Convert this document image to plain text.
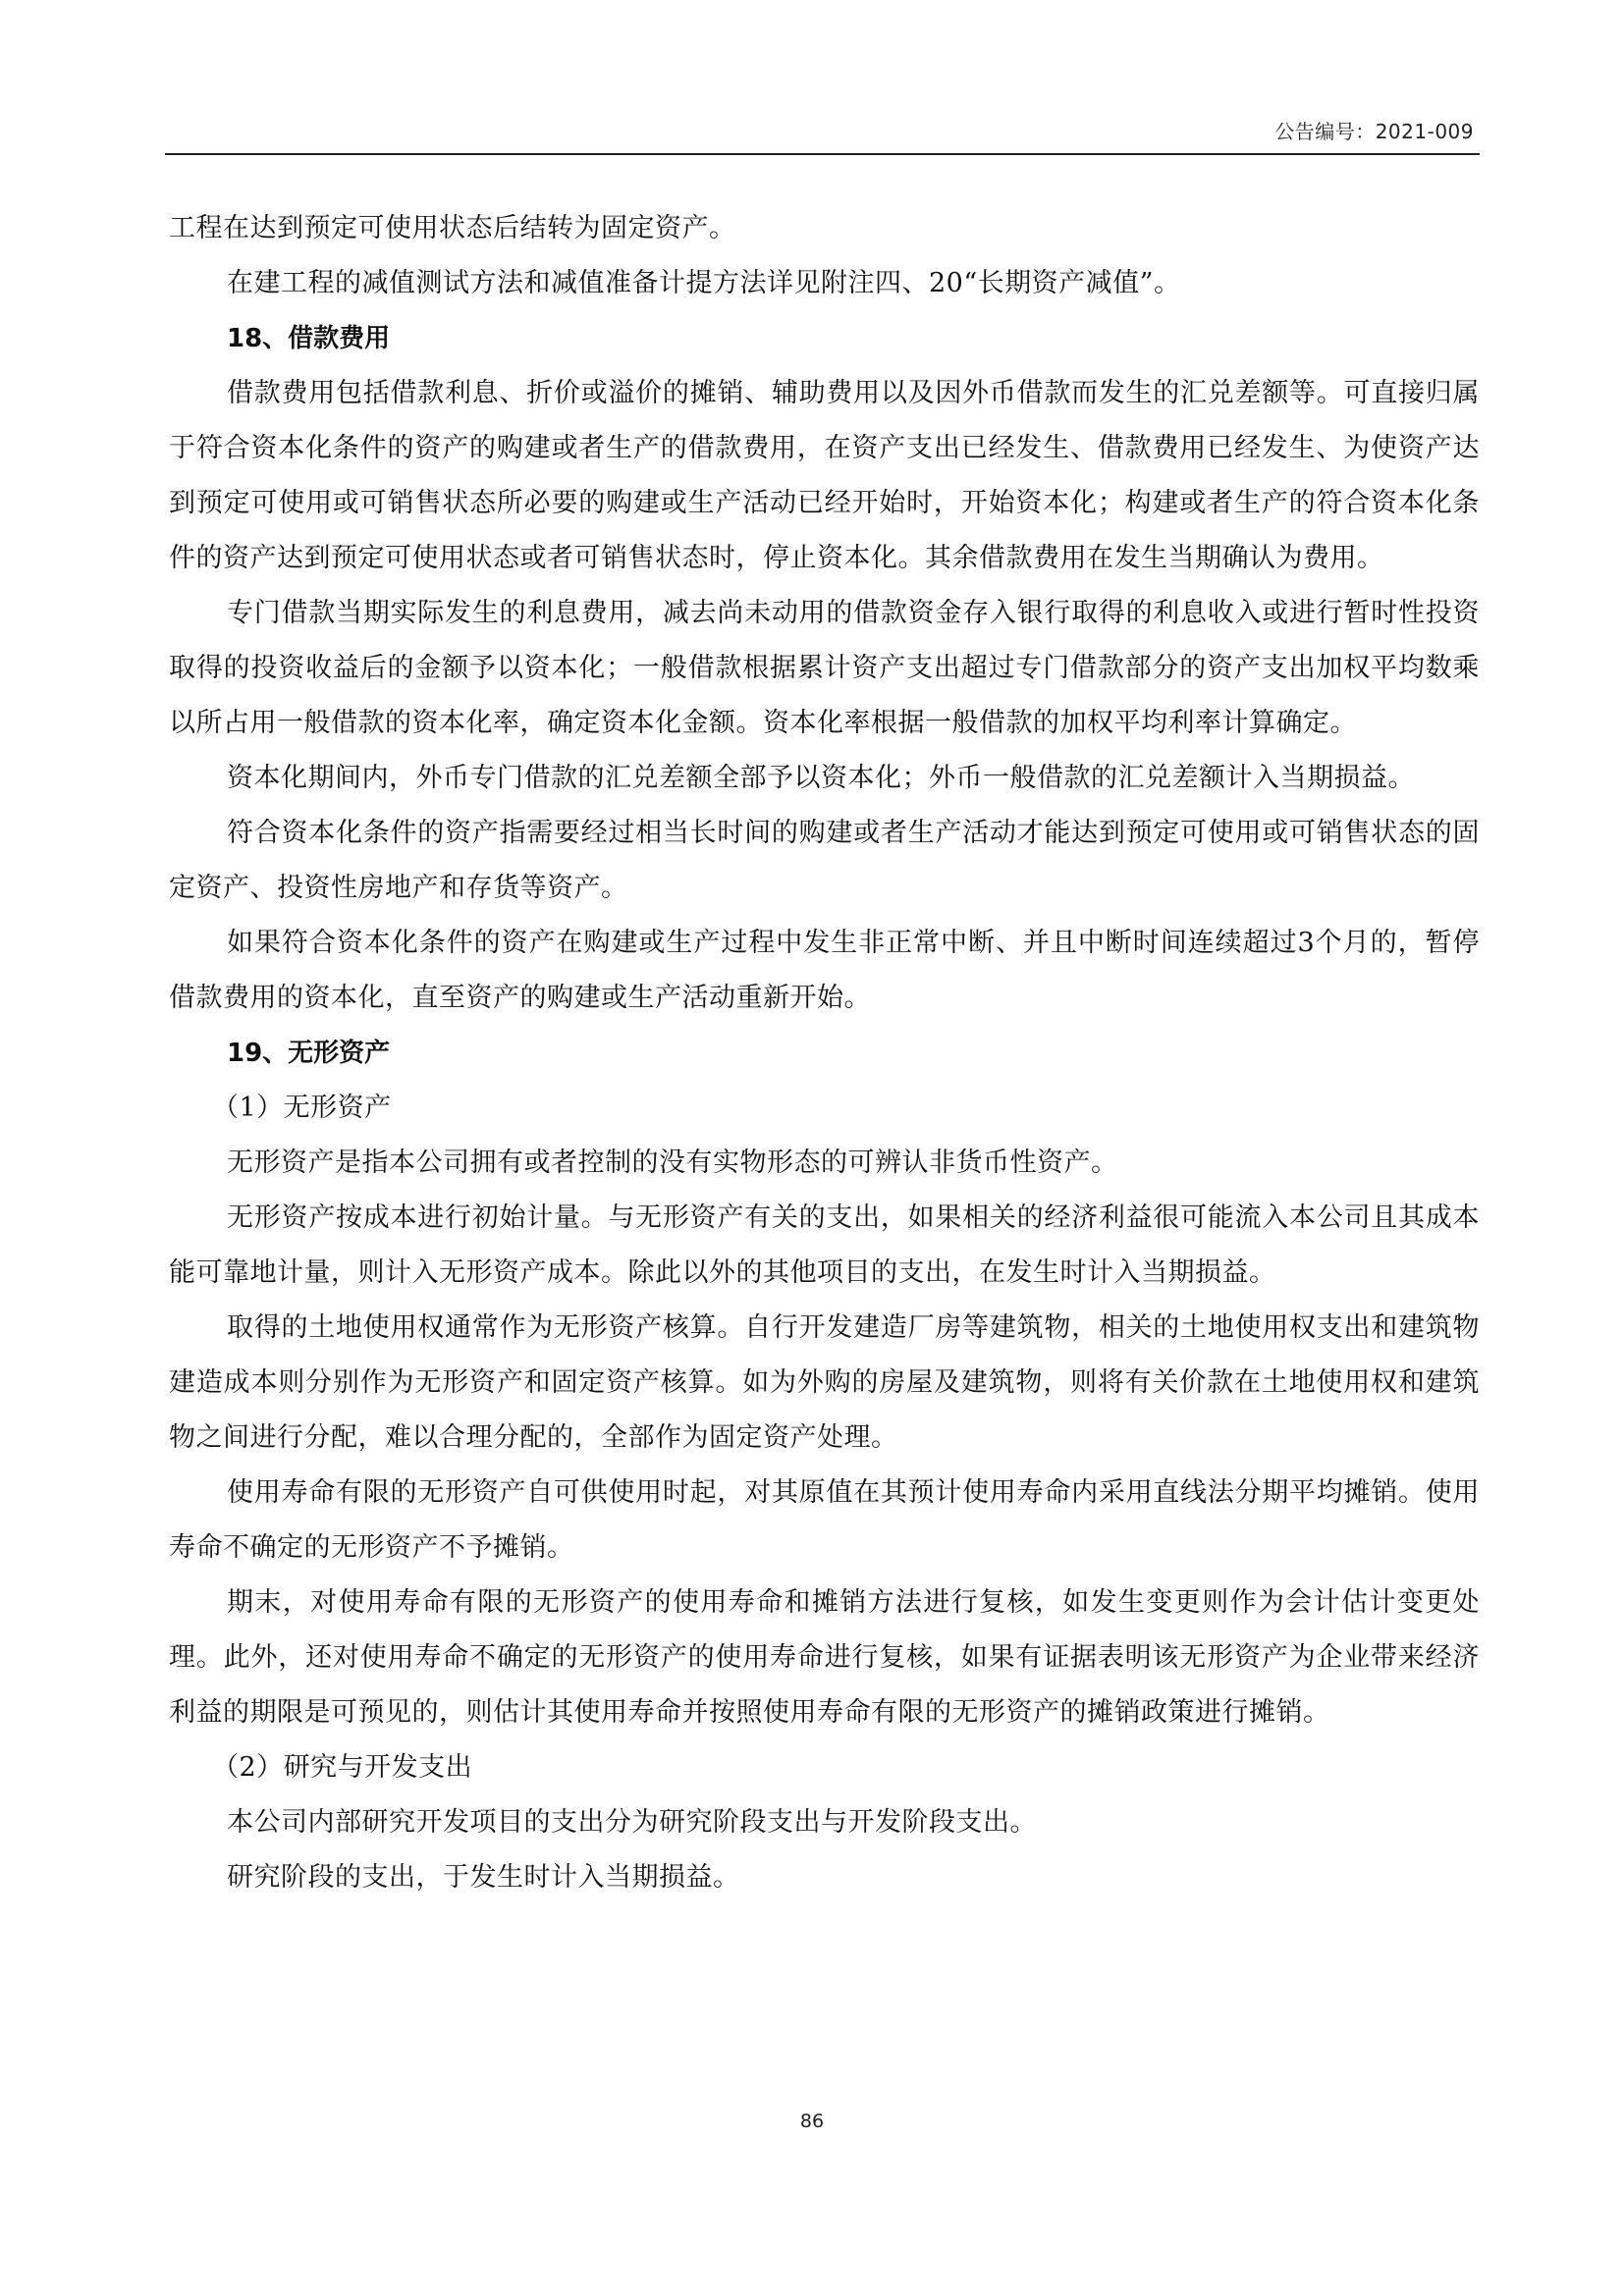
公告编号：2021-009

工程在达到预定可使用状态后结转为固定资产。

在建工程的减值测试方法和减值准备计提方法详见附注四、20“长期资产减值”。

18、借款费用

借款费用包括借款利息、折价或溢价的摊销、辅助费用以及因外币借款而发生的汇兑差额等。可直接归属于符合资本化条件的资产的购建或者生产的借款费用，在资产支出已经发生、借款费用已经发生、为使资产达到预定可使用或可销售状态所必要的购建或生产活动已经开始时，开始资本化；构建或者生产的符合资本化条件的资产达到预定可使用状态或者可销售状态时，停止资本化。其余借款费用在发生当期确认为费用。

专门借款当期实际发生的利息费用，减去尚未动用的借款资金存入银行取得的利息收入或进行暂时性投资取得的投资收益后的金额予以资本化；一般借款根据累计资产支出超过专门借款部分的资产支出加权平均数乘以所占用一般借款的资本化率，确定资本化金额。资本化率根据一般借款的加权平均利率计算确定。

资本化期间内，外币专门借款的汇兑差额全部予以资本化；外币一般借款的汇兑差额计入当期损益。

符合资本化条件的资产指需要经过相当长时间的购建或者生产活动才能达到预定可使用或可销售状态的固定资产、投资性房地产和存货等资产。

如果符合资本化条件的资产在购建或生产过程中发生非正常中断、并且中断时间连续超过3个月的，暂停借款费用的资本化，直至资产的购建或生产活动重新开始。

19、无形资产

（1）无形资产

无形资产是指本公司拥有或者控制的没有实物形态的可辨认非货币性资产。

无形资产按成本进行初始计量。与无形资产有关的支出，如果相关的经济利益很可能流入本公司且其成本能可靠地计量，则计入无形资产成本。除此以外的其他项目的支出，在发生时计入当期损益。

取得的土地使用权通常作为无形资产核算。自行开发建造厂房等建筑物，相关的土地使用权支出和建筑物建造成本则分别作为无形资产和固定资产核算。如为外购的房屋及建筑物，则将有关价款在土地使用权和建筑物之间进行分配，难以合理分配的，全部作为固定资产处理。

使用寿命有限的无形资产自可供使用时起，对其原值在其预计使用寿命内采用直线法分期平均摊销。使用寿命不确定的无形资产不予摊销。

期末，对使用寿命有限的无形资产的使用寿命和摊销方法进行复核，如发生变更则作为会计估计变更处理。此外，还对使用寿命不确定的无形资产的使用寿命进行复核，如果有证据表明该无形资产为企业带来经济利益的期限是可预见的，则估计其使用寿命并按照使用寿命有限的无形资产的摊销政策进行摊销。

（2）研究与开发支出

本公司内部研究开发项目的支出分为研究阶段支出与开发阶段支出。

研究阶段的支出，于发生时计入当期损益。

86
